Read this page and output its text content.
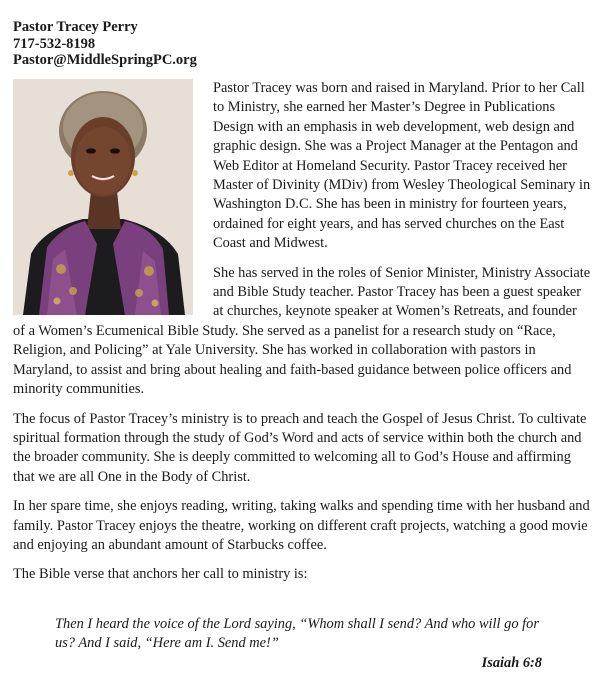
Pastor Tracey Perry
717-532-8198
Pastor@MiddleSpringPC.org

Pastor Tracey was born and raised in Maryland. Prior to her Call to Ministry, she earned her Master’s Degree in Publications Design with an emphasis in web development, web design and graphic design. She was a Project Manager at the Pentagon and Web Editor at Homeland Security. Pastor Tracey received her Master of Divinity (MDiv) from Wesley Theological Seminary in Washington D.C. She has been in ministry for fourteen years, ordained for eight years, and has served churches on the East Coast and Midwest.

She has served in the roles of Senior Minister, Ministry Associate and Bible Study teacher. Pastor Tracey has been a guest speaker at churches, keynote speaker at Women’s Retreats, and founder of a Women’s Ecumenical Bible Study. She served as a panelist for a research study on “Race, Religion, and Policing” at Yale University. She has worked in collaboration with pastors in Maryland, to assist and bring about healing and faith-based guidance between police officers and minority communities.

The focus of Pastor Tracey’s ministry is to preach and teach the Gospel of Jesus Christ. To cultivate spiritual formation through the study of God’s Word and acts of service within both the church and the broader community. She is deeply committed to welcoming all to God’s House and affirming that we are all One in the Body of Christ.

In her spare time, she enjoys reading, writing, taking walks and spending time with her husband and family. Pastor Tracey enjoys the theatre, working on different craft projects, watching a good movie and enjoying an abundant amount of Starbucks coffee.

The Bible verse that anchors her call to ministry is:

Then I heard the voice of the Lord saying, “Whom shall I send? And who will go for us? And I said, “Here am I. Send me!”
Isaiah 6:8
